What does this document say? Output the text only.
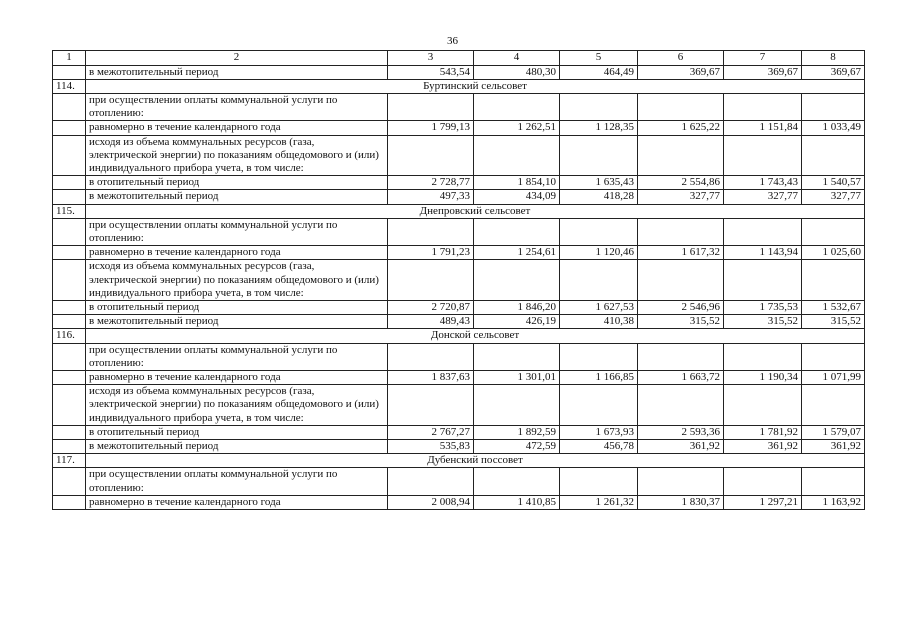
36
1	2	3	4	5	6	7	8
	в межотопительный период	543,54	480,30	464,49	369,67	369,67	369,67
114.	Буртинский сельсовет						
	при осуществлении оплаты коммунальной услуги по отоплению:						
	равномерно в течение календарного года	1 799,13	1 262,51	1 128,35	1 625,22	1 151,84	1 033,49
	исходя из объема коммунальных ресурсов (газа, электрической энергии) по показаниям общедомового и (или) индивидуального прибора учета, в том числе:						
	в отопительный период	2 728,77	1 854,10	1 635,43	2 554,86	1 743,43	1 540,57
	в межотопительный период	497,33	434,09	418,28	327,77	327,77	327,77
115.	Днепровский сельсовет						
	при осуществлении оплаты коммунальной услуги по отоплению:						
	равномерно в течение календарного года	1 791,23	1 254,61	1 120,46	1 617,32	1 143,94	1 025,60
	исходя из объема коммунальных ресурсов (газа, электрической энергии) по показаниям общедомового и (или) индивидуального прибора учета, в том числе:						
	в отопительный период	2 720,87	1 846,20	1 627,53	2 546,96	1 735,53	1 532,67
	в межотопительный период	489,43	426,19	410,38	315,52	315,52	315,52
116.	Донской сельсовет						
	при осуществлении оплаты коммунальной услуги по отоплению:						
	равномерно в течение календарного года	1 837,63	1 301,01	1 166,85	1 663,72	1 190,34	1 071,99
	исходя из объема коммунальных ресурсов (газа, электрической энергии) по показаниям общедомового и (или) индивидуального прибора учета, в том числе:						
	в отопительный период	2 767,27	1 892,59	1 673,93	2 593,36	1 781,92	1 579,07
	в межотопительный период	535,83	472,59	456,78	361,92	361,92	361,92
117.	Дубенский поссовет						
	при осуществлении оплаты коммунальной услуги по отоплению:						
	равномерно в течение календарного года	2 008,94	1 410,85	1 261,32	1 830,37	1 297,21	1 163,92
